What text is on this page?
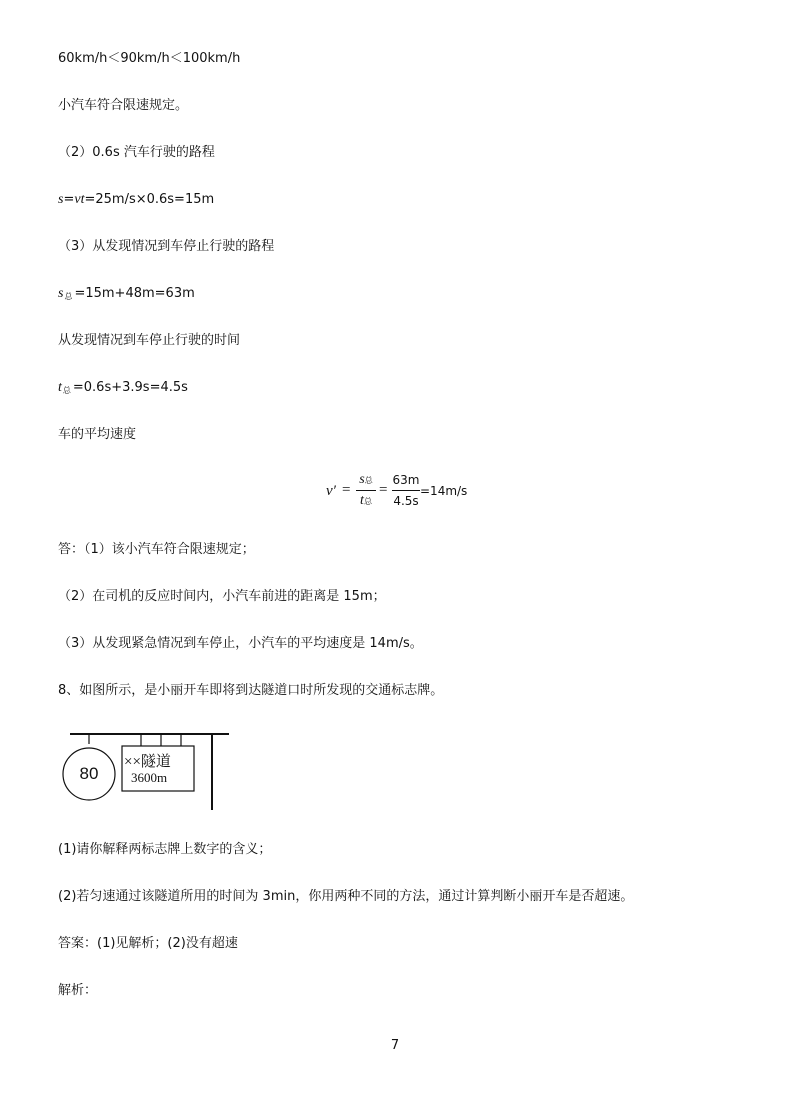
60km/h＜90km/h＜100km/h
小汽车符合限速规定。
（2）0.6s 汽车行驶的路程
s=vt=25m/s×0.6s=15m
（3）从发现情况到车停止行驶的路程
$s_总 =15m+48m=63m$
从发现情况到车停止行驶的时间
$t_总 =0.6s+3.9s=4.5s$
车的平均速度
v′ =
s总
t总
=
63m
4.5s
=14m/s
答：（1）该小汽车符合限速规定；
（2）在司机的反应时间内，小汽车前进的距离是 15m；
（3）从发现紧急情况到车停止，小汽车的平均速度是 14m/s。
8、如图所示，是小丽开车即将到达隧道口时所发现的交通标志牌。
80
××隧道
3600m
(1)请你解释两标志牌上数字的含义；
(2)若匀速通过该隧道所用的时间为 3min，你用两种不同的方法，通过计算判断小丽开车是否超速。
答案：(1)见解析；(2)没有超速
解析：
7
